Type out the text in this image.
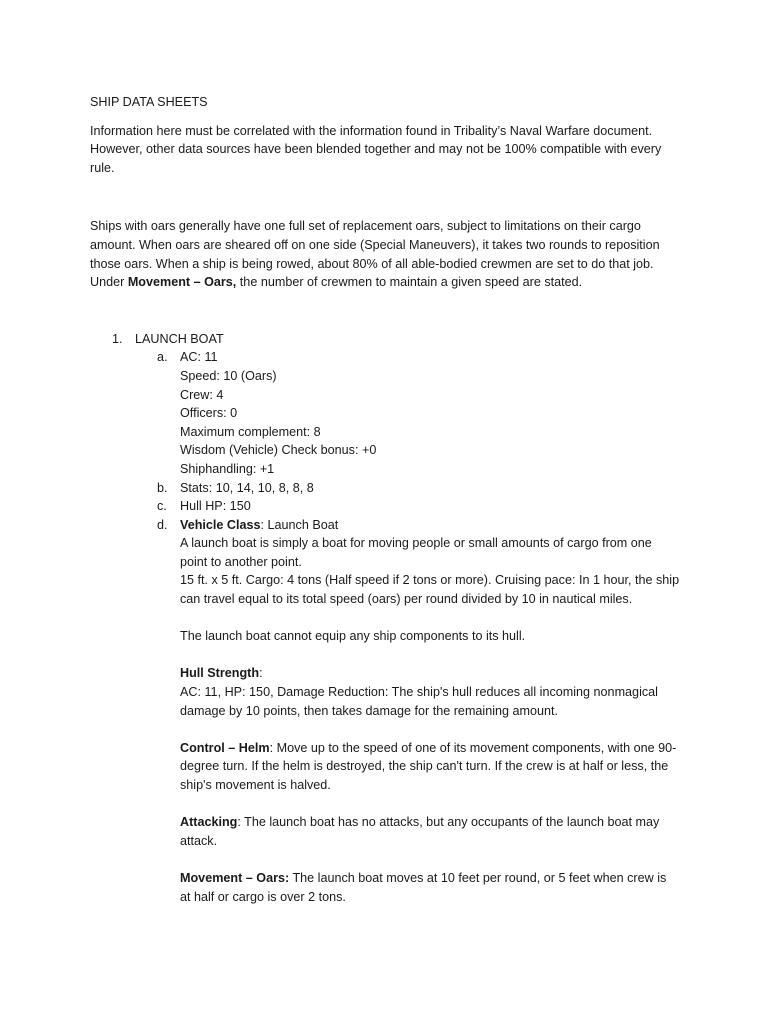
SHIP DATA SHEETS

Information here must be correlated with the information found in Tribality’s Naval Warfare document. However, other data sources have been blended together and may not be 100% compatible with every rule.

Ships with oars generally have one full set of replacement oars, subject to limitations on their cargo amount. When oars are sheared off on one side (Special Maneuvers), it takes two rounds to reposition those oars. When a ship is being rowed, about 80% of all able-bodied crewmen are set to do that job. Under Movement – Oars, the number of crewmen to maintain a given speed are stated.

1. LAUNCH BOAT
a. AC: 11
Speed: 10 (Oars)
Crew: 4
Officers: 0
Maximum complement: 8
Wisdom (Vehicle) Check bonus: +0
Shiphandling: +1
b. Stats: 10, 14, 10, 8, 8, 8
c. Hull HP: 150
d. Vehicle Class: Launch Boat
A launch boat is simply a boat for moving people or small amounts of cargo from one point to another point.
15 ft. x 5 ft. Cargo: 4 tons (Half speed if 2 tons or more). Cruising pace: In 1 hour, the ship can travel equal to its total speed (oars) per round divided by 10 in nautical miles.
The launch boat cannot equip any ship components to its hull.
Hull Strength:
AC: 11, HP: 150, Damage Reduction: The ship's hull reduces all incoming nonmagical damage by 10 points, then takes damage for the remaining amount.
Control – Helm: Move up to the speed of one of its movement components, with one 90-degree turn. If the helm is destroyed, the ship can't turn. If the crew is at half or less, the ship's movement is halved.
Attacking: The launch boat has no attacks, but any occupants of the launch boat may attack.
Movement – Oars: The launch boat moves at 10 feet per round, or 5 feet when crew is at half or cargo is over 2 tons.
